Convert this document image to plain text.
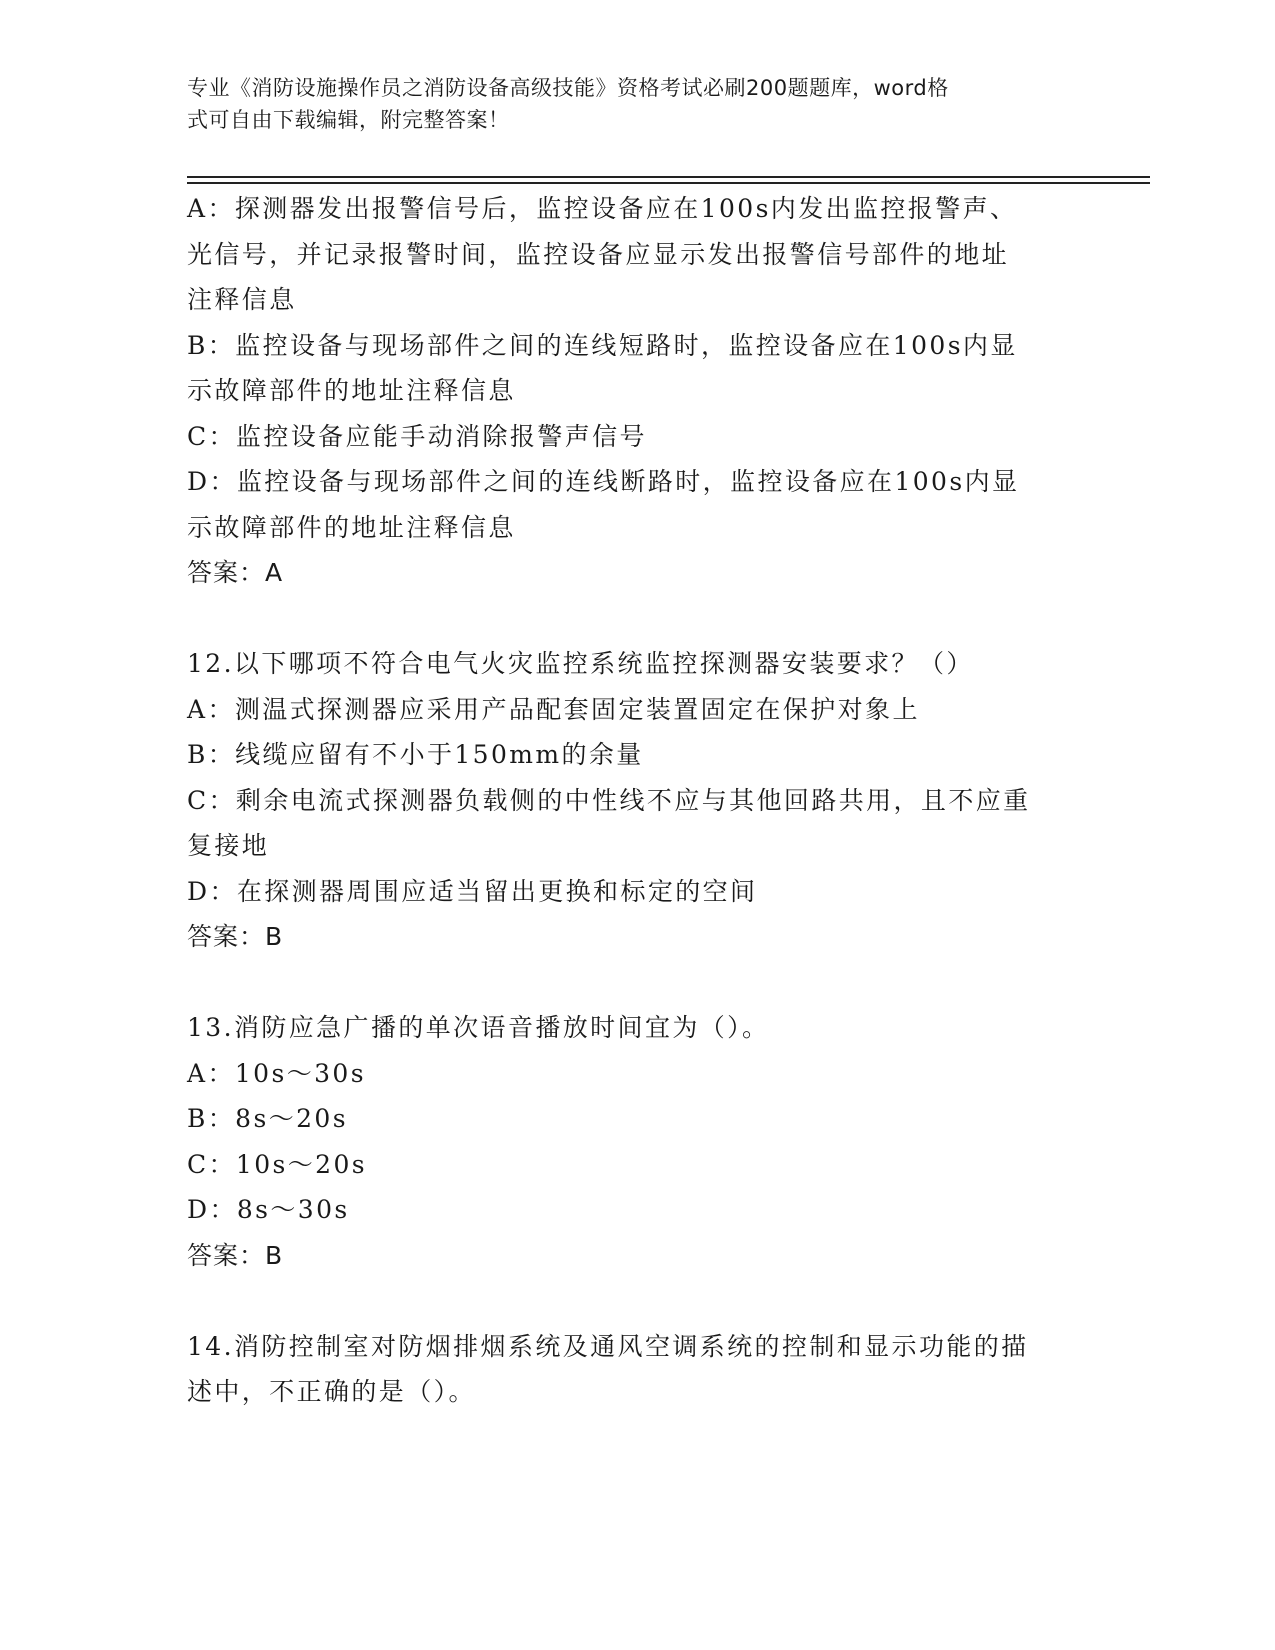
专业《消防设施操作员之消防设备高级技能》资格考试必刷200题题库，word格
式可自由下载编辑，附完整答案！
A：探测器发出报警信号后，监控设备应在100s内发出监控报警声、
光信号，并记录报警时间，监控设备应显示发出报警信号部件的地址
注释信息
B：监控设备与现场部件之间的连线短路时，监控设备应在100s内显
示故障部件的地址注释信息
C：监控设备应能手动消除报警声信号
D：监控设备与现场部件之间的连线断路时，监控设备应在100s内显
示故障部件的地址注释信息
答案：A
12.以下哪项不符合电气火灾监控系统监控探测器安装要求？（）
A：测温式探测器应采用产品配套固定装置固定在保护对象上
B：线缆应留有不小于150mm的余量
C：剩余电流式探测器负载侧的中性线不应与其他回路共用，且不应重
复接地
D：在探测器周围应适当留出更换和标定的空间
答案：B
13.消防应急广播的单次语音播放时间宜为（）。
A：10s～30s
B：8s～20s
C：10s～20s
D：8s～30s
答案：B
14.消防控制室对防烟排烟系统及通风空调系统的控制和显示功能的描
述中，不正确的是（）。
